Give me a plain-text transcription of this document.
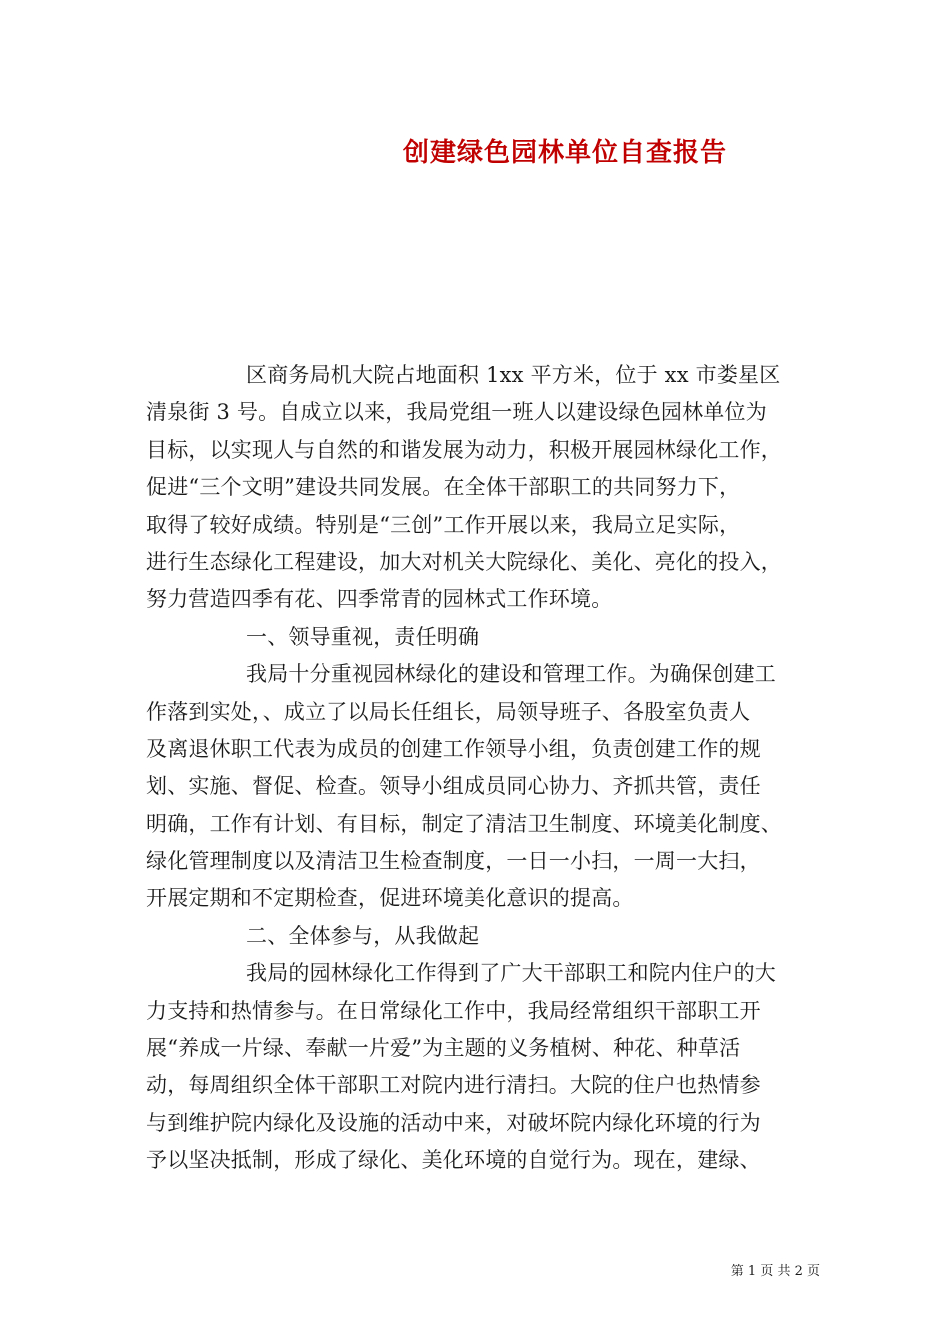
创建绿色园林单位自查报告
区商务局机大院占地面积 1xx 平方米，位于 xx 市娄星区
清泉街 3 号。自成立以来，我局党组一班人以建设绿色园林单位为
目标，以实现人与自然的和谐发展为动力，积极开展园林绿化工作，
促进“三个文明”建设共同发展。在全体干部职工的共同努力下，
取得了较好成绩。特别是“三创”工作开展以来，我局立足实际，
进行生态绿化工程建设，加大对机关大院绿化、美化、亮化的投入，
努力营造四季有花、四季常青的园林式工作环境。
一、领导重视，责任明确
我局十分重视园林绿化的建设和管理工作。为确保创建工
作落到实处，、成立了以局长任组长，局领导班子、各股室负责人
及离退休职工代表为成员的创建工作领导小组，负责创建工作的规
划、实施、督促、检查。领导小组成员同心协力、齐抓共管，责任
明确，工作有计划、有目标，制定了清洁卫生制度、环境美化制度、
绿化管理制度以及清洁卫生检查制度，一日一小扫，一周一大扫，
开展定期和不定期检查，促进环境美化意识的提高。
二、全体参与，从我做起
我局的园林绿化工作得到了广大干部职工和院内住户的大
力支持和热情参与。在日常绿化工作中，我局经常组织干部职工开
展“养成一片绿、奉献一片爱”为主题的义务植树、种花、种草活
动，每周组织全体干部职工对院内进行清扫。大院的住户也热情参
与到维护院内绿化及设施的活动中来，对破坏院内绿化环境的行为
予以坚决抵制，形成了绿化、美化环境的自觉行为。现在，建绿、
第 1 页 共 2 页
